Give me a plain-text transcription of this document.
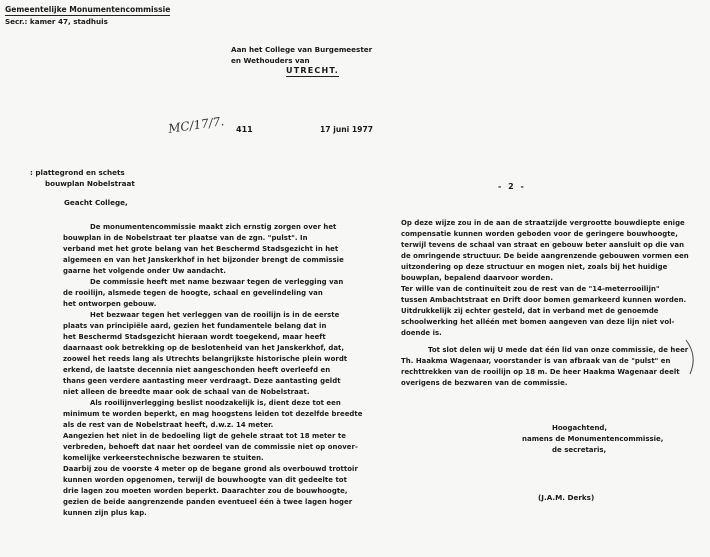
Gemeentelijke Monumentencommissie
Secr.: kamer 47, stadhuis
Aan het College van Burgemeester
en Wethouders van
UTRECHT.
MC/17/7. 411	17 juni 1977
: plattegrond en schets
bouwplan Nobelstraat	- 2 -
Geacht College,
De monumentencommissie maakt zich ernstig zorgen over het
bouwplan in de Nobelstraat ter plaatse van de zgn. "pulst". In
verband met het grote belang van het Beschermd Stadsgezicht in het
algemeen en van het Janskerkhof in het bijzonder brengt de commissie
gaarne het volgende onder Uw aandacht.
De commissie heeft met name bezwaar tegen de verlegging van
de rooilijn, alsmede tegen de hoogte, schaal en gevelindeling van
het ontworpen gebouw.
Het bezwaar tegen het verleggen van de rooilijn is in de eerste
plaats van principiële aard, gezien het fundamentele belang dat in
het Beschermd Stadsgezicht hieraan wordt toegekend, maar heeft
daarnaast ook betrekking op de beslotenheid van het Janskerkhof, dat,
zoowel het reeds lang als Utrechts belangrijkste historische plein wordt
erkend, de laatste decennia niet aangeschonden heeft overleefd en
thans geen verdere aantasting meer verdraagt. Deze aantasting geldt
niet alleen de breedte maar ook de schaal van de Nobelstraat.
Als rooilijnverlegging beslist noodzakelijk is, dient deze tot een
minimum te worden beperkt, en mag hoogstens leiden tot dezelfde breedte
als de rest van de Nobelstraat heeft, d.w.z. 14 meter.
Aangezien het niet in de bedoeling ligt de gehele straat tot 18 meter te
verbreden, behoeft dat naar het oordeel van de commissie niet op onover-
komelijke verkeerstechnische bezwaren te stuiten.
Daarbij zou de voorste 4 meter op de begane grond als overbouwd trottoir
kunnen worden opgenomen, terwijl de bouwhoogte van dit gedeelte tot
drie lagen zou moeten worden beperkt. Daarachter zou de bouwhoogte,
gezien de beide aangrenzende panden eventueel één à twee lagen hoger
kunnen zijn plus kap.
Op deze wijze zou in de aan de straatzijde vergrootte bouwdiepte enige
compensatie kunnen worden geboden voor de geringere bouwhoogte,
terwijl tevens de schaal van straat en gebouw beter aansluit op die van
de omringende structuur. De beide aangrenzende gebouwen vormen een
uitzondering op deze structuur en mogen niet, zoals bij het huidige
bouwplan, bepalend daarvoor worden.
Ter wille van de continuïteit zou de rest van de "14-meterrooilijn"
tussen Ambachtstraat en Drift door bomen gemarkeerd kunnen worden.
Uitdrukkelijk zij echter gesteld, dat in verband met de genoemde
schoolwerking het alléén met bomen aangeven van deze lijn niet vol-
doende is.
Tot slot delen wij U mede dat één lid van onze commissie, de heer
Th. Haakma Wagenaar, voorstander is van afbraak van de "pulst" en
rechttrekken van de rooilijn op 18 m. De heer Haakma Wagenaar deelt
overigens de bezwaren van de commissie.
Hoogachtend,
namens de Monumentencommissie,
de secretaris,
(J.A.M. Derks)
